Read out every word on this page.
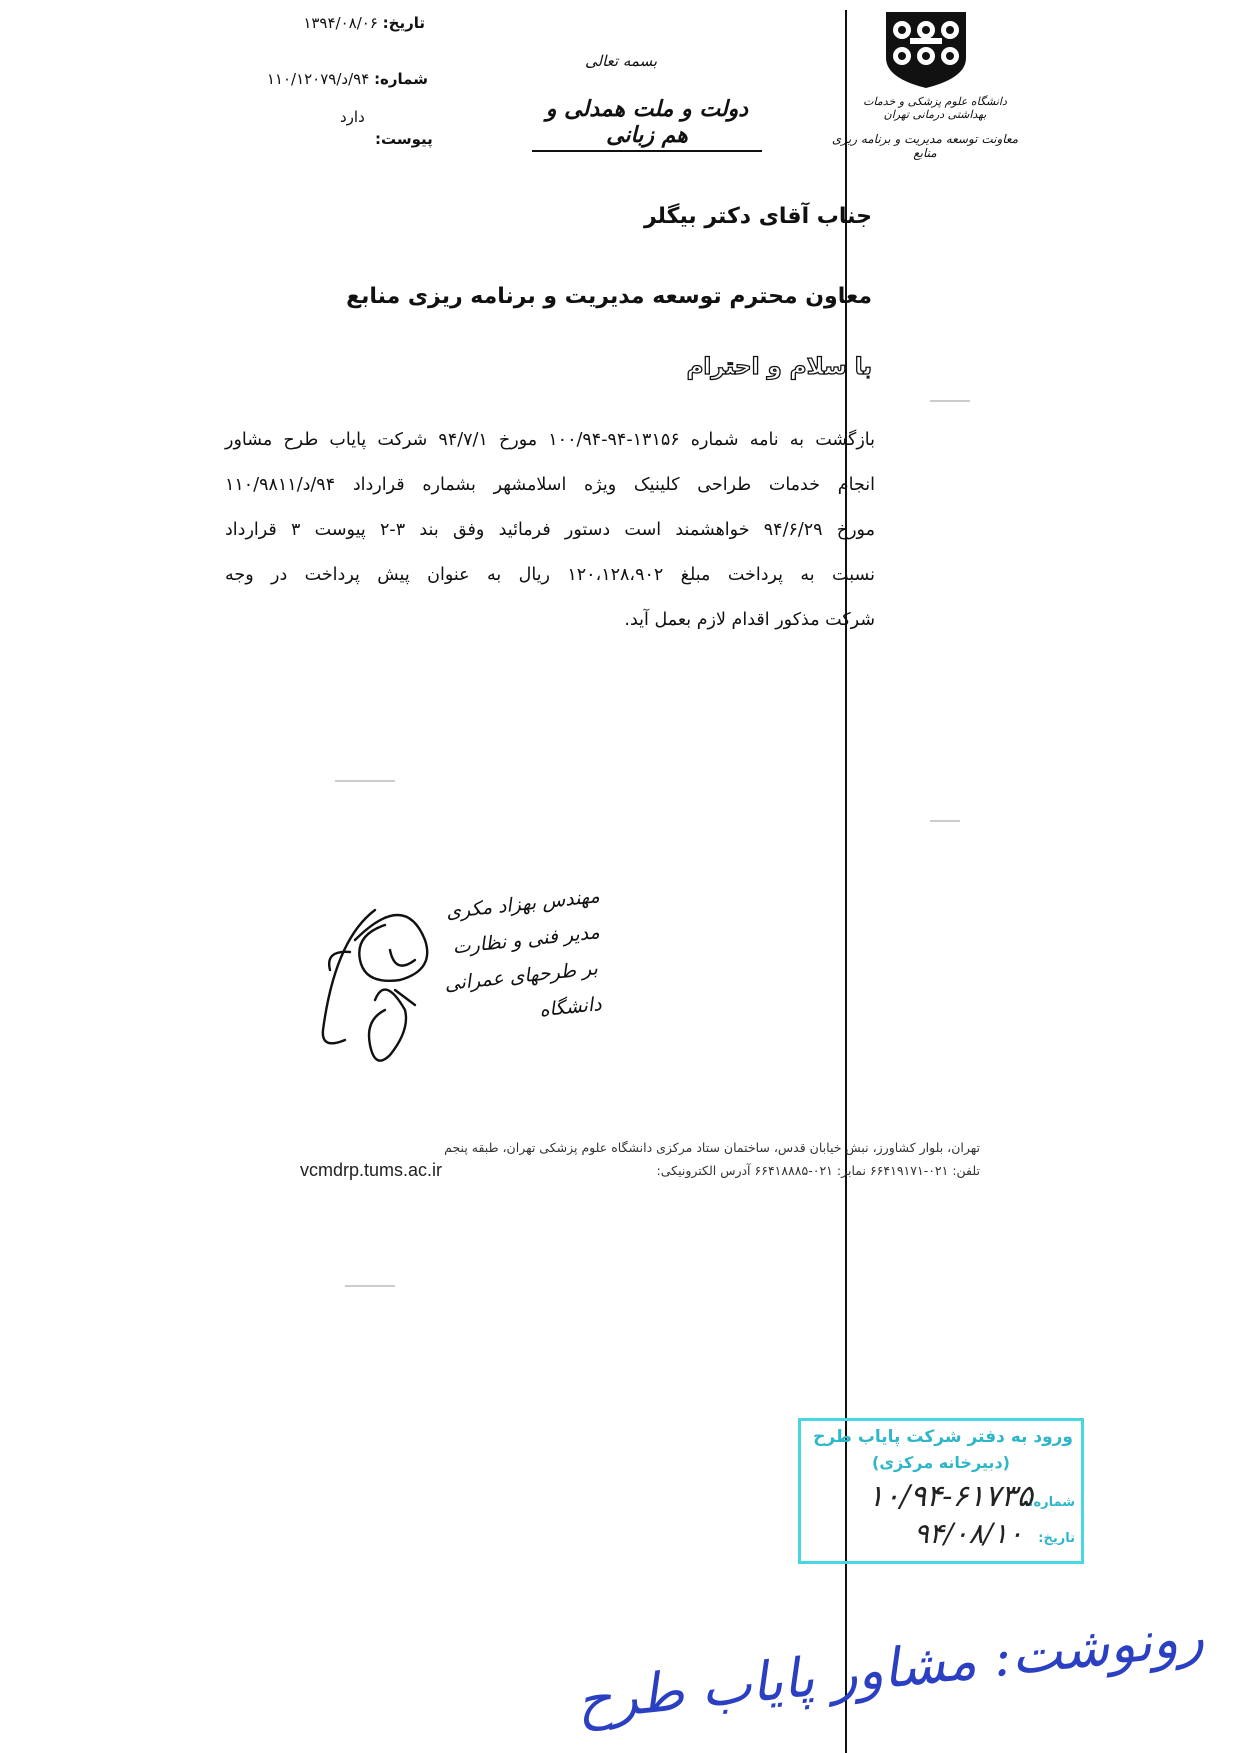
تاریخ: ۱۳۹۴/۰۸/۰۶
شماره: ۹۴/د/۱۱۰/۱۲۰۷۹
دارد
پیوست:
بسمه تعالی
دولت و ملت همدلی و هم زبانی
دانشگاه علوم پزشکی و خدمات بهداشتی درمانی تهران
معاونت توسعه مدیریت و برنامه ریزی منابع
جناب آقای دکتر بیگلر
معاون محترم توسعه مدیریت و برنامه ریزی منابع
با سلام و احترام
بازگشت به نامه شماره ۱۳۱۵۶-۹۴-۱۰۰/۹۴ مورخ ۹۴/۷/۱ شرکت پایاب طرح مشاور
انجام خدمات طراحی کلینیک ویژه اسلامشهر بشماره قرارداد ۹۴/د/۱۱۰/۹۸۱۱
مورخ ۹۴/۶/۲۹ خواهشمند است دستور فرمائید وفق بند ۳-۲ پیوست ۳ قرارداد
نسبت به پرداخت مبلغ ۱۲۰،۱۲۸،۹۰۲ ریال به عنوان پیش پرداخت در وجه
شرکت مذکور اقدام لازم بعمل آید.
مهندس بهزاد مکری
مدیر فنی و نظارت
بر طرحهای عمرانی دانشگاه
تهران، بلوار کشاورز، نبش خیابان قدس، ساختمان ستاد مرکزی دانشگاه علوم پزشکی تهران، طبقه پنجم
تلفن: ۰۲۱-۶۶۴۱۹۱۷۱ نمابر: ۰۲۱-۶۶۴۱۸۸۸۵ آدرس الکترونیکی:
vcmdrp.tums.ac.ir
ورود به دفتر شرکت پایاب طرح
(دبیرخانه مرکزی)
شماره:
۱۰/۹۴-۶۱۷۳۵
تاریخ:
۹۴/۰۸/۱۰
رونوشت: مشاور پایاب طرح
